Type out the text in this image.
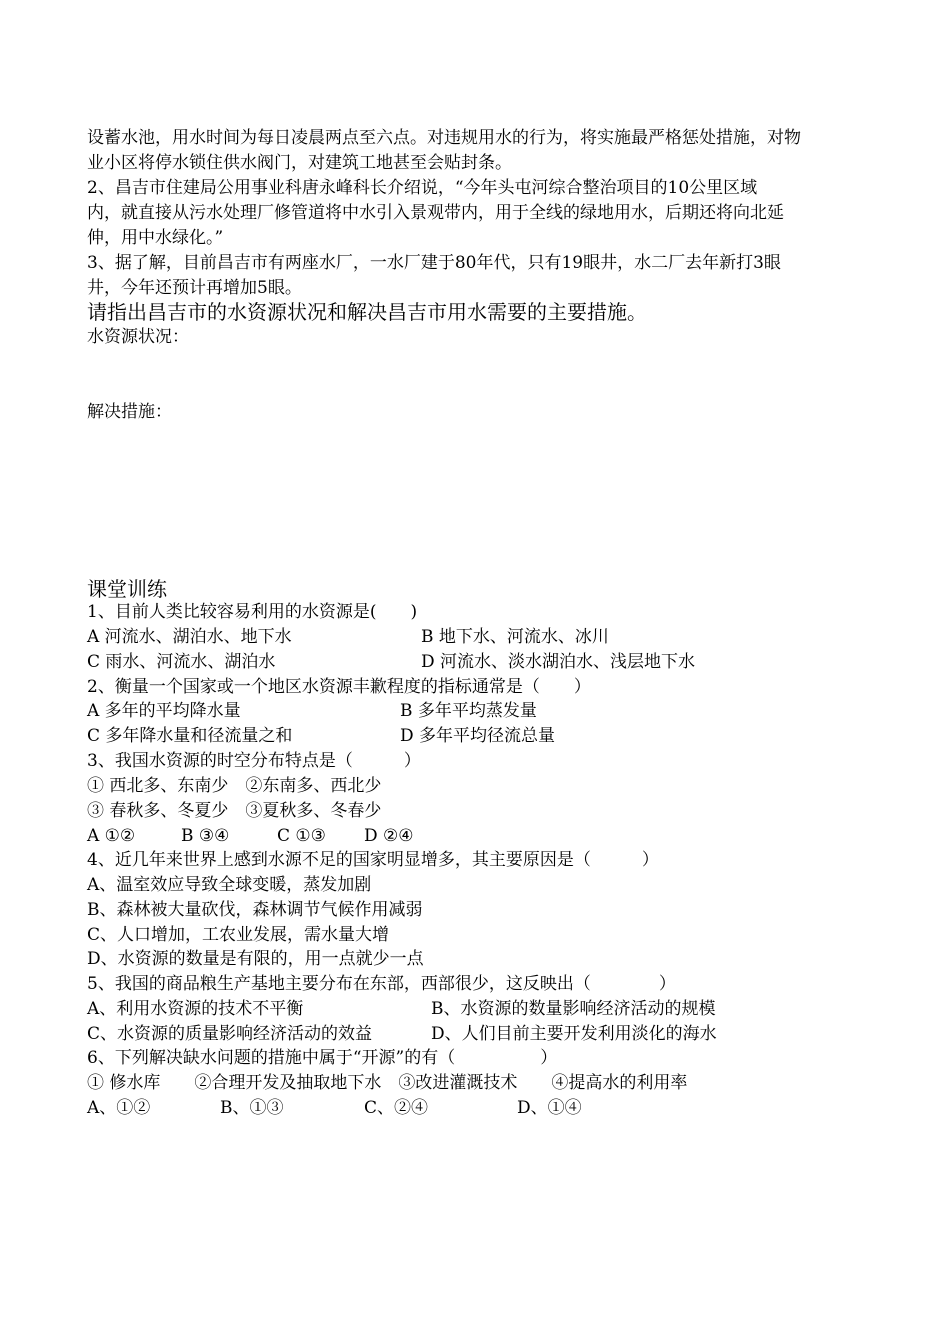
设蓄水池，用水时间为每日凌晨两点至六点。对违规用水的行为，将实施最严格惩处措施，对物
业小区将停水锁住供水阀门，对建筑工地甚至会贴封条。
2、昌吉市住建局公用事业科唐永峰科长介绍说，“今年头屯河综合整治项目的10公里区域
内，就直接从污水处理厂修管道将中水引入景观带内，用于全线的绿地用水，后期还将向北延
伸，用中水绿化。”
3、据了解，目前昌吉市有两座水厂，一水厂建于80年代，只有19眼井，水二厂去年新打3眼
井，今年还预计再增加5眼。
请指出昌吉市的水资源状况和解决昌吉市用水需要的主要措施。
水资源状况：
解决措施：
课堂训练
1、目前人类比较容易利用的水资源是(　　)
A 河流水、湖泊水、地下水	B 地下水、河流水、冰川
C 雨水、河流水、湖泊水	D 河流水、淡水湖泊水、浅层地下水
2、衡量一个国家或一个地区水资源丰歉程度的指标通常是（　　）
A 多年的平均降水量	B 多年平均蒸发量
C 多年降水量和径流量之和	D 多年平均径流总量
3、我国水资源的时空分布特点是（　　　）
① 西北多、东南少　②东南多、西北少
③ 春秋多、冬夏少　③夏秋多、冬春少
A ①②	B ③④	C ①③ D ②④
4、近几年来世界上感到水源不足的国家明显增多，其主要原因是（　　　）
A、温室效应导致全球变暖，蒸发加剧
B、森林被大量砍伐，森林调节气候作用减弱
C、人口增加，工农业发展，需水量大增
D、水资源的数量是有限的，用一点就少一点
5、我国的商品粮生产基地主要分布在东部，西部很少，这反映出（　　　　）
A、利用水资源的技术不平衡	B、水资源的数量影响经济活动的规模
C、水资源的质量影响经济活动的效益	D、人们目前主要开发利用淡化的海水
6、下列解决缺水问题的措施中属于“开源”的有（　　　　　）
① 修水库　　②合理开发及抽取地下水　③改进灌溉技术　　④提高水的利用率
A、①②	B、①③	C、②④	D、①④
